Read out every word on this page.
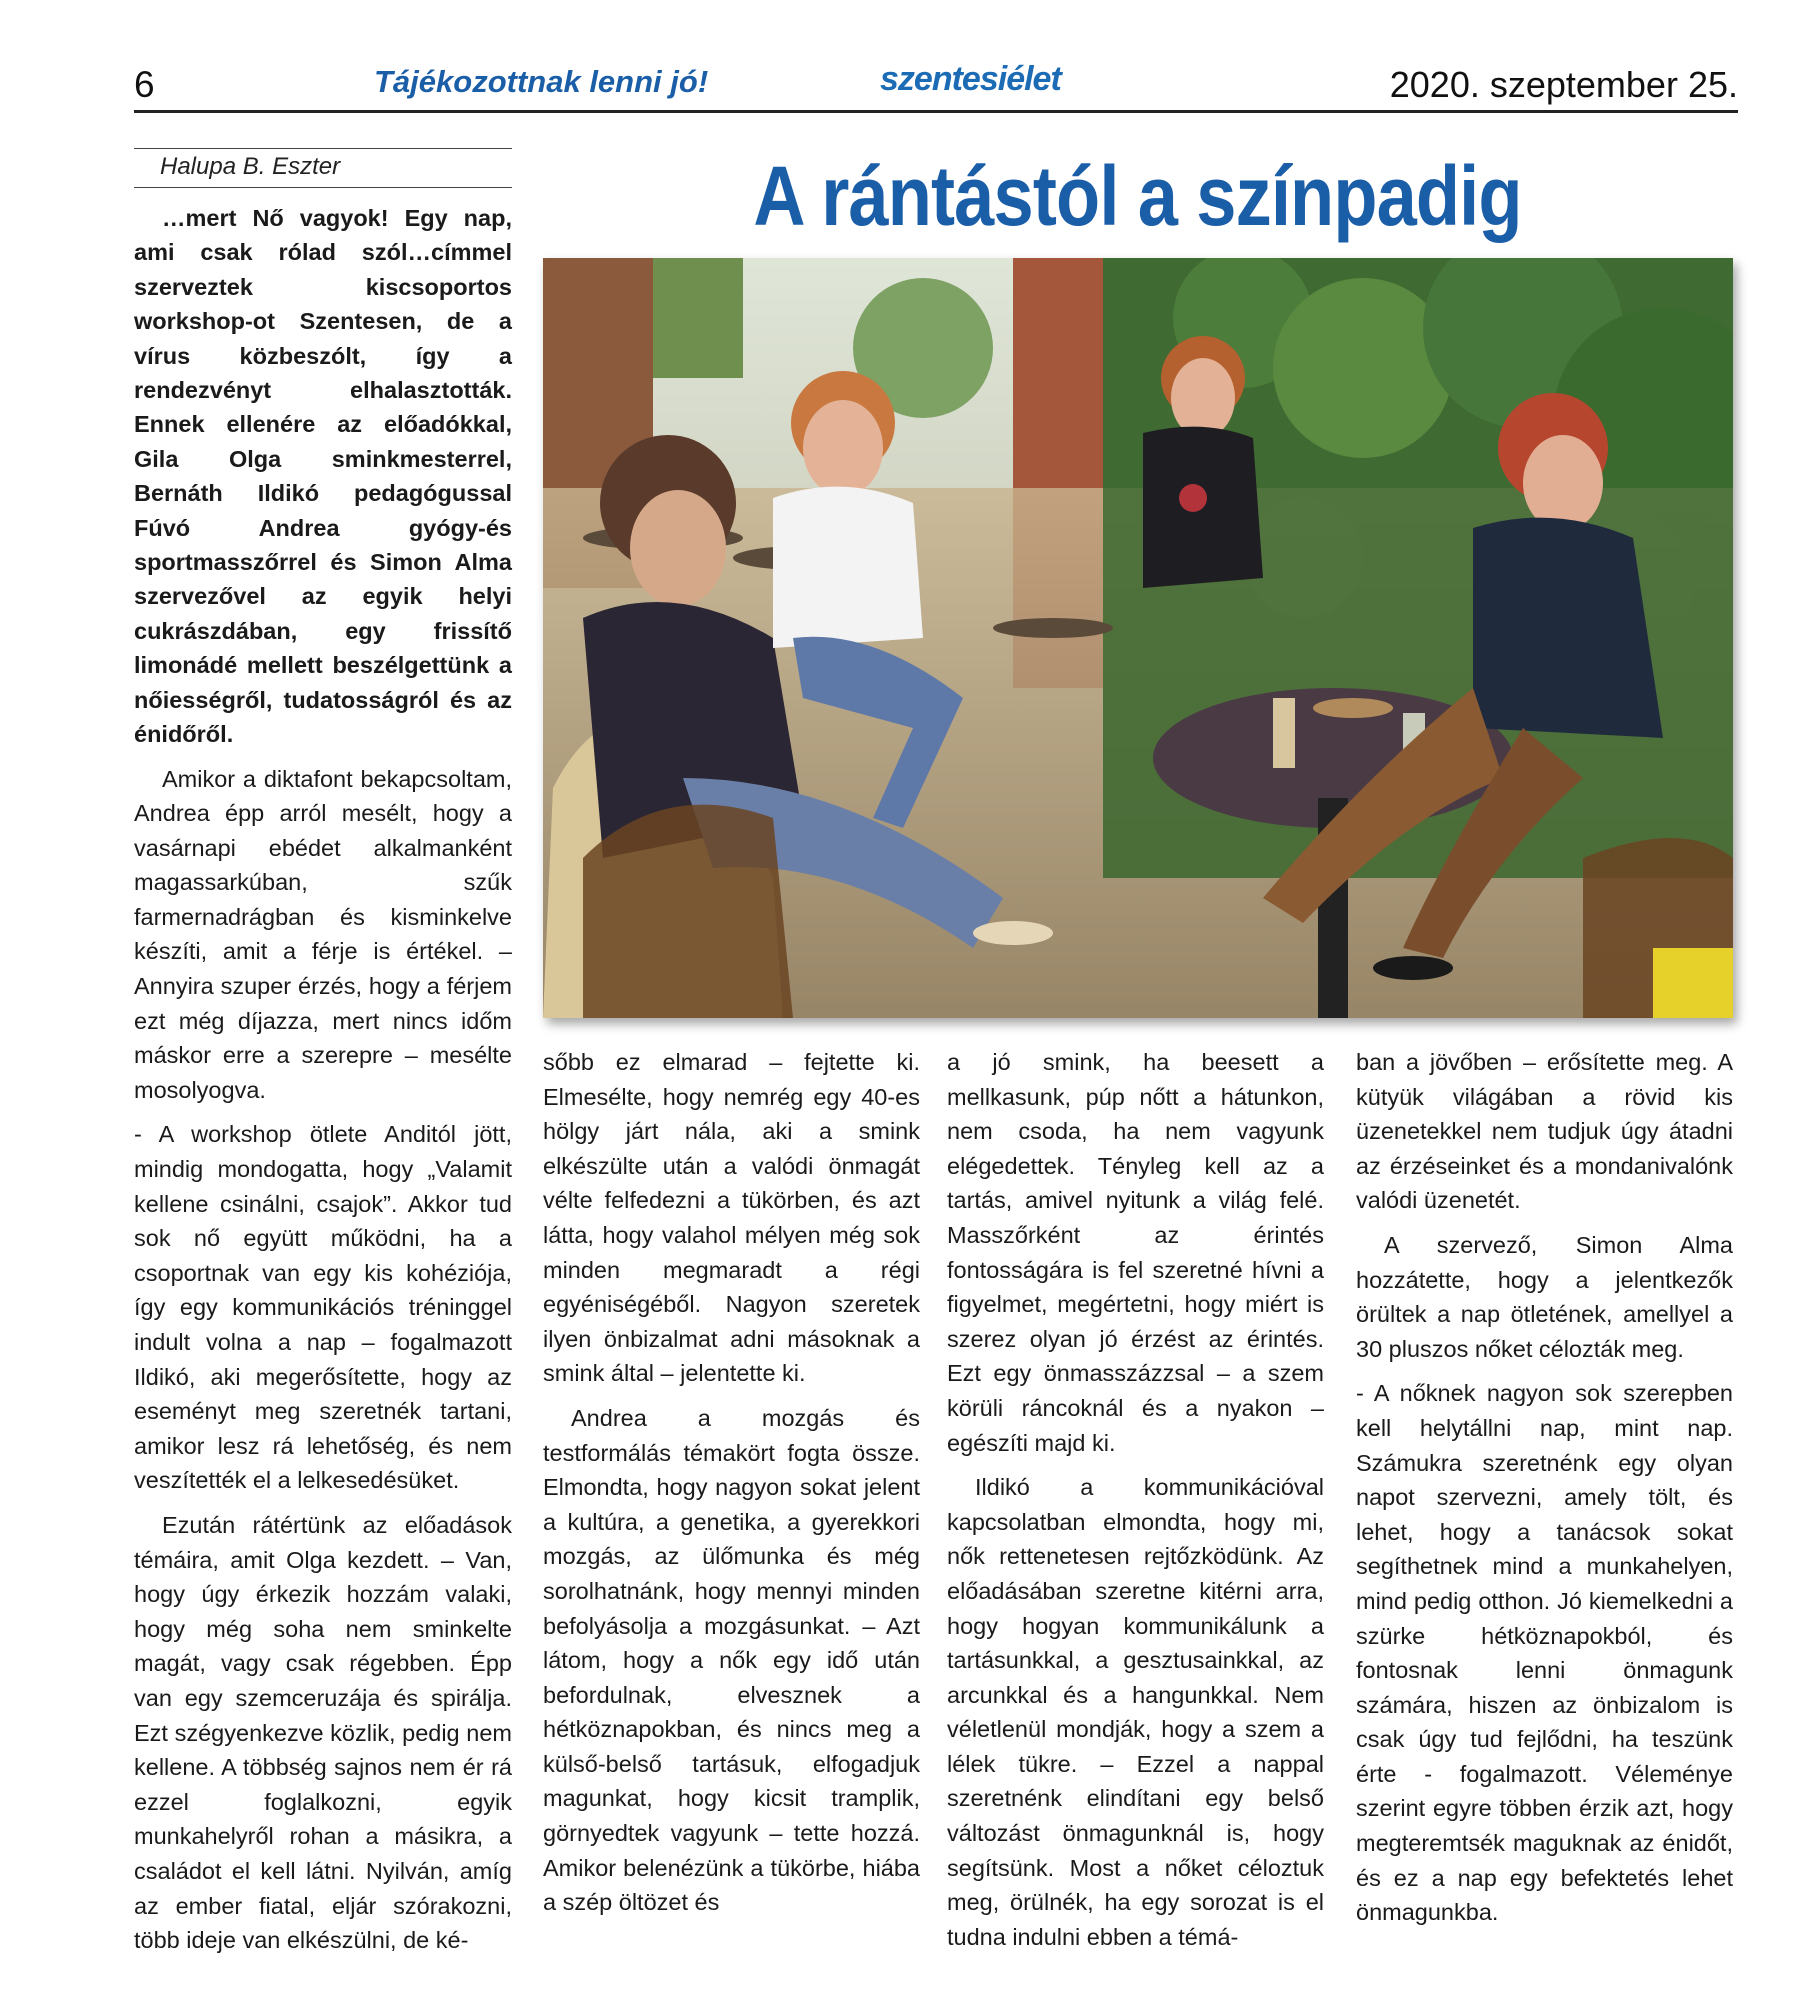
6	Tájékozottnak lenni jó!	szentesiélet	2020. szeptember 25.
Halupa B. Eszter	A rántástól a színpadig

…mert Nő vagyok! Egy nap, ami csak rólad szól…címmel szerveztek kiscsoportos workshop-ot Szentesen, de a vírus közbeszólt, így a rendezvényt elhalasztották. Ennek ellenére az előadókkal, Gila Olga sminkmesterrel, Bernáth Ildikó pedagógussal Fúvó Andrea gyógy-és sportmasszőrrel és Simon Alma szervezővel az egyik helyi cukrászdában, egy frissítő limonádé mellett beszélgettünk a nőiességről, tudatosságról és az énidőről.

Amikor a diktafont bekapcsoltam, Andrea épp arról mesélt, hogy a vasárnapi ebédet alkalmanként magassarkúban, szűk farmernadrágban és kisminkelve készíti, amit a férje is értékel. – Annyira szuper érzés, hogy a férjem ezt még díjazza, mert nincs időm máskor erre a szerepre – mesélte mosolyogva.

- A workshop ötlete Anditól jött, mindig mondogatta, hogy „Valamit kellene csinálni, csajok”. Akkor tud sok nő együtt működni, ha a csoportnak van egy kis kohéziója, így egy kommunikációs tréninggel indult volna a nap – fogalmazott Ildikó, aki megerősítette, hogy az eseményt meg szeretnék tartani, amikor lesz rá lehetőség, és nem veszítették el a lelkesedésüket.

Ezután rátértünk az előadások témáira, amit Olga kezdett. – Van, hogy úgy érkezik hozzám valaki, hogy még soha nem sminkelte magát, vagy csak régebben. Épp van egy szemceruzája és spirálja. Ezt szégyenkezve közlik, pedig nem kellene. A többség sajnos nem ér rá ezzel foglalkozni, egyik munkahelyről rohan a másikra, a családot el kell látni. Nyilván, amíg az ember fiatal, eljár szórakozni, több ideje van elkészülni, de ké-

sőbb ez elmarad – fejtette ki. Elmesélte, hogy nemrég egy 40-es hölgy járt nála, aki a smink elkészülte után a valódi önmagát vélte felfedezni a tükörben, és azt látta, hogy valahol mélyen még sok minden megmaradt a régi egyéniségéből. Nagyon szeretek ilyen önbizalmat adni másoknak a smink által – jelentette ki.

Andrea a mozgás és testformálás témakört fogta össze. Elmondta, hogy nagyon sokat jelent a kultúra, a genetika, a gyerekkori mozgás, az ülőmunka és még sorolhatnánk, hogy mennyi minden befolyásolja a mozgásunkat. – Azt látom, hogy a nők egy idő után befordulnak, elvesznek a hétköznapokban, és nincs meg a külső-belső tartásuk, elfogadjuk magunkat, hogy kicsit tramplik, görnyedtek vagyunk – tette hozzá. Amikor belenézünk a tükörbe, hiába a szép öltözet és

a jó smink, ha beesett a mellkasunk, púp nőtt a hátunkon, nem csoda, ha nem vagyunk elégedettek. Tényleg kell az a tartás, amivel nyitunk a világ felé. Masszőrként az érintés fontosságára is fel szeretné hívni a figyelmet, megértetni, hogy miért is szerez olyan jó érzést az érintés. Ezt egy önmasszázzsal – a szem körüli ráncoknál és a nyakon – egészíti majd ki.

Ildikó a kommunikációval kapcsolatban elmondta, hogy mi, nők rettenetesen rejtőzködünk. Az előadásában szeretne kitérni arra, hogy hogyan kommunikálunk a tartásunkkal, a gesztusainkkal, az arcunkkal és a hangunkkal. Nem véletlenül mondják, hogy a szem a lélek tükre. – Ezzel a nappal szeretnénk elindítani egy belső változást önmagunknál is, hogy segítsünk. Most a nőket céloztuk meg, örülnék, ha egy sorozat is el tudna indulni ebben a témá-

ban a jövőben – erősítette meg. A kütyük világában a rövid kis üzenetekkel nem tudjuk úgy átadni az érzéseinket és a mondanivalónk valódi üzenetét.

A szervező, Simon Alma hozzátette, hogy a jelentkezők örültek a nap ötletének, amellyel a 30 pluszos nőket célozták meg.

- A nőknek nagyon sok szerepben kell helytállni nap, mint nap. Számukra szeretnénk egy olyan napot szervezni, amely tölt, és lehet, hogy a tanácsok sokat segíthetnek mind a munkahelyen, mind pedig otthon. Jó kiemelkedni a szürke hétköznapokból, és fontosnak lenni önmagunk számára, hiszen az önbizalom is csak úgy tud fejlődni, ha teszünk érte - fogalmazott. Véleménye szerint egyre többen érzik azt, hogy megteremtsék maguknak az énidőt, és ez a nap egy befektetés lehet önmagunkba.
